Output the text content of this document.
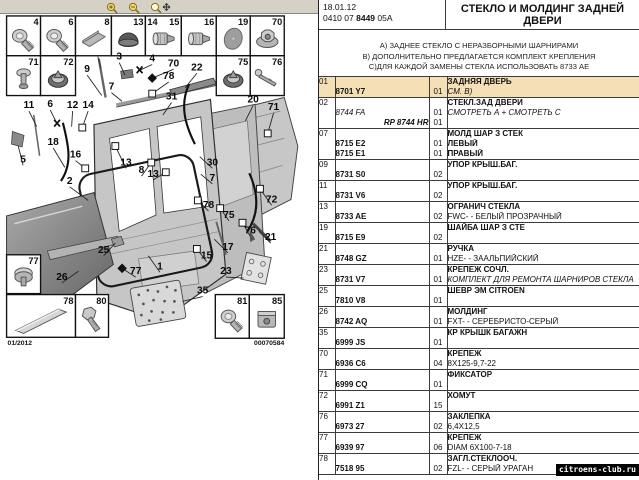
4	6	8 13	15
14	16 19 70
71	72	75 76
77
78 80	81	85
9
3	4 70
78
22
7
31	20
71
11 6 12 14
5
18
16
13
8 13
2
30
7
78
72
75
76
21
17
15
1
25
77
26
23
35
01/2012	00070584
18.01.12
0410 07 8449 05A
СТЕКЛО И МОЛДИНГ ЗАДНЕЙ ДВЕРИ
А) ЗАДНЕЕ СТЕКЛО С НЕРАЗБОРНЫМИ ШАРНИРАМИ
В) ДОПОЛНИТЕЛЬНО ПРЕДЛАГАЕТСЯ КОМПЛЕКТ КРЕПЛЕНИЯ
С)ДЛЯ КАЖДОЙ ЗАМЕНЫ СТЕКЛА ИСПОЛЬЗОВАТЬ 8733 АЕ
01			ЗАДНЯЯ ДВЕРЬ
	8701 Y7	01	СМ. В)
02			СТЕКЛ.ЗАД ДВЕРИ
	8744 FA	01	СМОТРЕТЬ А + СМОТРЕТЬ С
	RP 8744 HR	01	
07			МОЛД ШАР З СТЕК
	8715 E2	01	ЛЕВЫЙ
	8715 E1	01	ПРАВЫЙ
09			УПОР КРЫШ.БАГ.
	8731 S0	02	
11			УПОР КРЫШ.БАГ.
	8731 V6	02	
13			ОГРАНИЧ СТЕКЛА
	8733 AE	02	FWC- - БЕЛЫЙ ПРОЗРАЧНЫЙ
19			ШАЙБА ШАР З СТЕ
	8715 E9	02	
21			РУЧКА
	8748 GZ	01	HZE- - ЗААЛЬПИЙСКИЙ
23			КРЕПЕЖ СОЧЛ.
	8731 V7	01	КОМПЛЕКТ ДЛЯ РЕМОНТА ШАРНИРОВ СТЕКЛА
25			ШЕВР ЭМ CITROEN
	7810 V8	01	
26			МОЛДИНГ
	8742 AQ	01	FXT- - СЕРЕБРИСТО-СЕРЫЙ
35			КР КРЫШК БАГАЖН
	6999 JS	01	
70			КРЕПЕЖ
	6936 C6	04	8X125-9,7-22
71			ФИКСАТОР
	6999 CQ	01	
72			ХОМУТ
	6991 Z1	15	
76			ЗАКЛЕПКА
	6973 27	02	6,4X12,5
77			КРЕПЕЖ
	6939 97	06	DIAM 6X100-7-18
78			ЗАГЛ.СТЕКЛООЧ.
	7518 95	02	FZL- - СЕРЫЙ УРАГАН	citroens-club.ru
